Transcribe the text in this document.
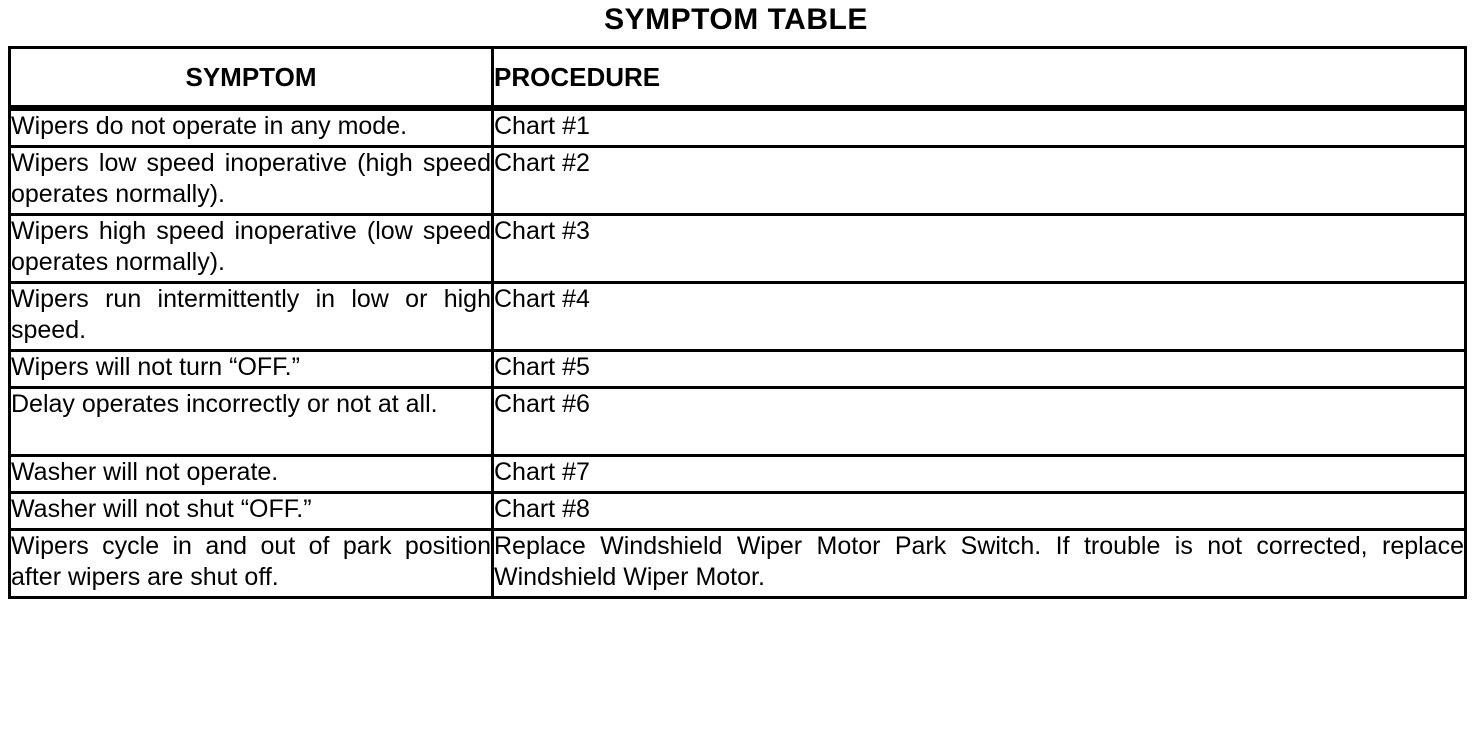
SYMPTOM TABLE
SYMPTOM	PROCEDURE
Wipers do not operate in any mode.	Chart #1
Wipers low speed inoperative (high speed operates normally).	Chart #2
Wipers high speed inoperative (low speed operates normally).	Chart #3
Wipers run intermittently in low or high speed.	Chart #4
Wipers will not turn “OFF.”	Chart #5
Delay operates incorrectly or not at all.	Chart #6
Washer will not operate.	Chart #7
Washer will not shut “OFF.”	Chart #8
Wipers cycle in and out of park position after wipers are shut off.	Replace Windshield Wiper Motor Park Switch. If trouble is not corrected, replace Windshield Wiper Motor.
